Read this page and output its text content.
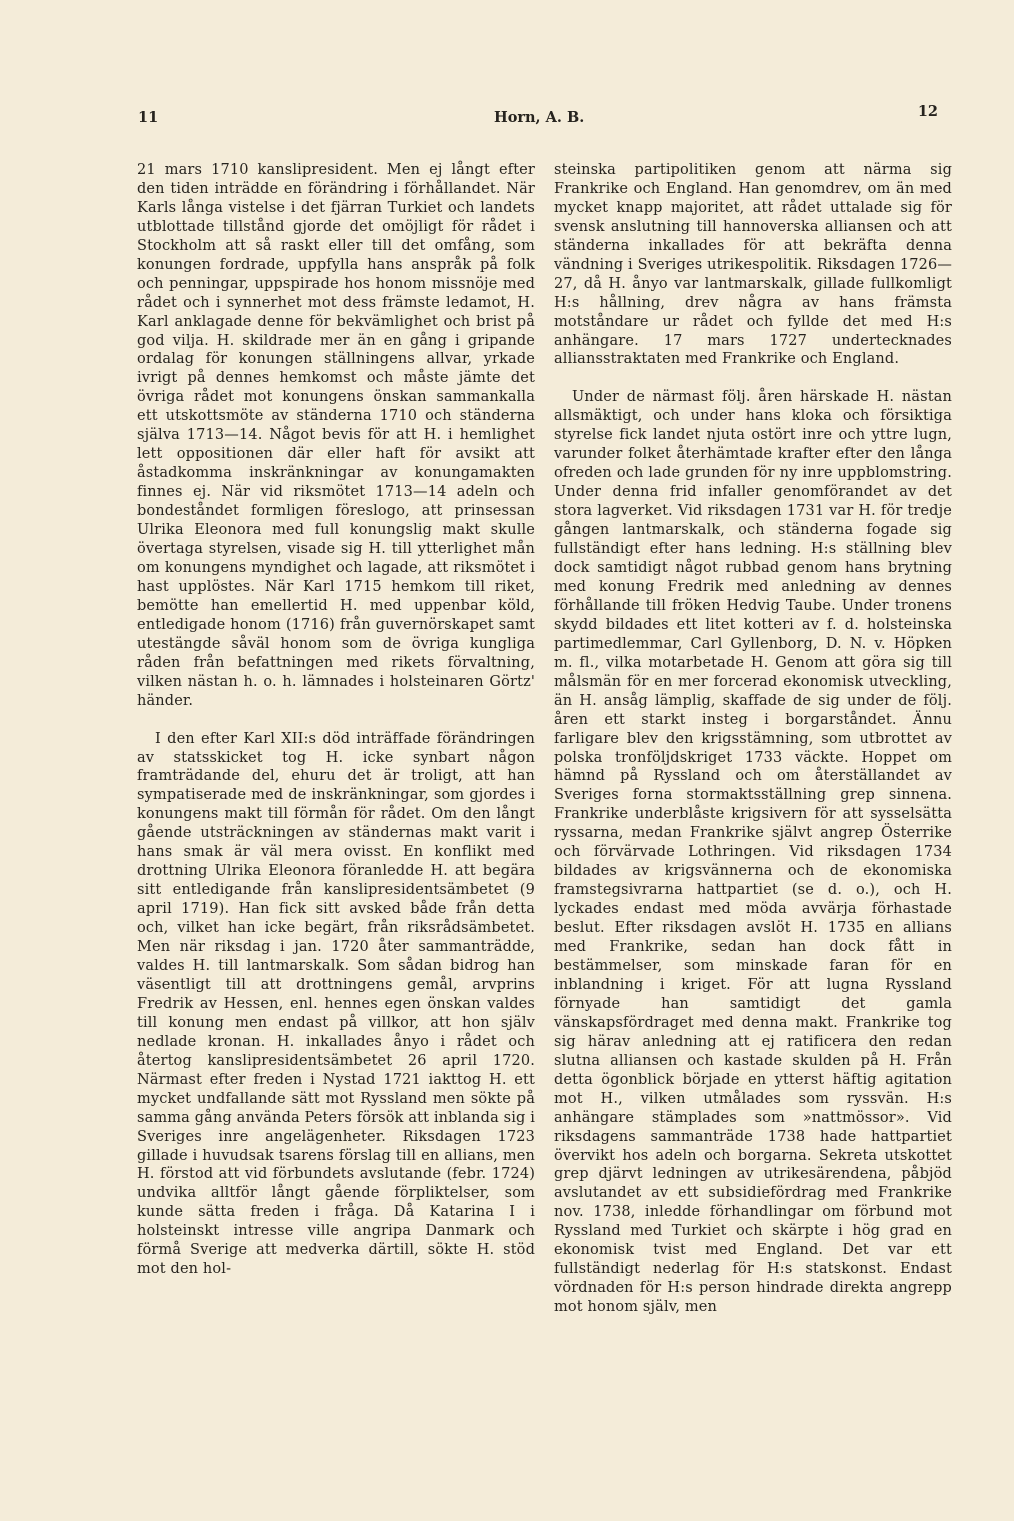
11	Horn, A. B.	12

21 mars 1710 kanslipresident. Men ej långt efter den tiden inträdde en förändring i förhållandet. När Karls långa vistelse i det fjärran Turkiet och landets utblottade tillstånd gjorde det omöjligt för rådet i Stockholm att så raskt eller till det omfång, som konungen fordrade, uppfylla hans anspråk på folk och penningar, uppspirade hos honom missnöje med rådet och i synnerhet mot dess främste ledamot, H. Karl anklagade denne för bekvämlighet och brist på god vilja. H. skildrade mer än en gång i gripande ordalag för konungen ställningens allvar, yrkade ivrigt på dennes hemkomst och måste jämte det övriga rådet mot konungens önskan sammankalla ett utskottsmöte av ständerna 1710 och ständerna själva 1713—14. Något bevis för att H. i hemlighet lett oppositionen där eller haft för avsikt att åstadkomma inskränkningar av konungamakten finnes ej. När vid riksmötet 1713—14 adeln och bondeståndet formligen föreslogo, att prinsessan Ulrika Eleonora med full konungslig makt skulle övertaga styrelsen, visade sig H. till ytterlighet mån om konungens myndighet och lagade, att riksmötet i hast upplöstes. När Karl 1715 hemkom till riket, bemötte han emellertid H. med uppenbar köld, entledigade honom (1716) från guvernörskapet samt utestängde såväl honom som de övriga kungliga råden från befattningen med rikets förvaltning, vilken nästan h. o. h. lämnades i holsteinaren Görtz' händer.

I den efter Karl XII:s död inträffade förändringen av statsskicket tog H. icke synbart någon framträdande del, ehuru det är troligt, att han sympatiserade med de inskränkningar, som gjordes i konungens makt till förmån för rådet. Om den långt gående utsträckningen av ständernas makt varit i hans smak är väl mera ovisst. En konflikt med drottning Ulrika Eleonora föranledde H. att begära sitt entledigande från kanslipresidentsämbetet (9 april 1719). Han fick sitt avsked både från detta och, vilket han icke begärt, från riksrådsämbetet. Men när riksdag i jan. 1720 åter sammanträdde, valdes H. till lantmarskalk. Som sådan bidrog han väsentligt till att drottningens gemål, arvprins Fredrik av Hessen, enl. hennes egen önskan valdes till konung men endast på villkor, att hon själv nedlade kronan. H. inkallades ånyo i rådet och återtog kanslipresidentsämbetet 26 april 1720. Närmast efter freden i Nystad 1721 iakttog H. ett mycket undfallande sätt mot Ryssland men sökte på samma gång använda Peters försök att inblanda sig i Sveriges inre angelägenheter. Riksdagen 1723 gillade i huvudsak tsarens förslag till en allians, men H. förstod att vid förbundets avslutande (febr. 1724) undvika alltför långt gående förpliktelser, som kunde sätta freden i fråga. Då Katarina I i holsteinskt intresse ville angripa Danmark och förmå Sverige att medverka därtill, sökte H. stöd mot den hol-

steinska partipolitiken genom att närma sig Frankrike och England. Han genomdrev, om än med mycket knapp majoritet, att rådet uttalade sig för svensk anslutning till hannoverska alliansen och att ständerna inkallades för att bekräfta denna vändning i Sveriges utrikespolitik. Riksdagen 1726—27, då H. ånyo var lantmarskalk, gillade fullkomligt H:s hållning, drev några av hans främsta motståndare ur rådet och fyllde det med H:s anhängare. 17 mars 1727 undertecknades alliansstraktaten med Frankrike och England.

Under de närmast följ. åren härskade H. nästan allsmäktigt, och under hans kloka och försiktiga styrelse fick landet njuta ostört inre och yttre lugn, varunder folket återhämtade krafter efter den långa ofreden och lade grunden för ny inre uppblomstring. Under denna frid infaller genomförandet av det stora lagverket. Vid riksdagen 1731 var H. för tredje gången lantmarskalk, och ständerna fogade sig fullständigt efter hans ledning. H:s ställning blev dock samtidigt något rubbad genom hans brytning med konung Fredrik med anledning av dennes förhållande till fröken Hedvig Taube. Under tronens skydd bildades ett litet kotteri av f. d. holsteinska partimedlemmar, Carl Gyllenborg, D. N. v. Höpken m. fl., vilka motarbetade H. Genom att göra sig till målsmän för en mer forcerad ekonomisk utveckling, än H. ansåg lämplig, skaffade de sig under de följ. åren ett starkt insteg i borgarståndet. Ännu farligare blev den krigsstämning, som utbrottet av polska tronföljdskriget 1733 väckte. Hoppet om hämnd på Ryssland och om återställandet av Sveriges forna stormaktsställning grep sinnena. Frankrike underblåste krigsivern för att sysselsätta ryssarna, medan Frankrike självt angrep Österrike och förvärvade Lothringen. Vid riksdagen 1734 bildades av krigsvännerna och de ekonomiska framstegsivrarna hattpartiet (se d. o.), och H. lyckades endast med möda avvärja förhastade beslut. Efter riksdagen avslöt H. 1735 en allians med Frankrike, sedan han dock fått in bestämmelser, som minskade faran för en inblandning i kriget. För att lugna Ryssland förnyade han samtidigt det gamla vänskapsfördraget med denna makt. Frankrike tog sig härav anledning att ej ratificera den redan slutna alliansen och kastade skulden på H. Från detta ögonblick började en ytterst häftig agitation mot H., vilken utmålades som ryssvän. H:s anhängare stämplades som »nattmössor». Vid riksdagens sammanträde 1738 hade hattpartiet övervikt hos adeln och borgarna. Sekreta utskottet grep djärvt ledningen av utrikesärendena, påbjöd avslutandet av ett subsidiefördrag med Frankrike nov. 1738, inledde förhandlingar om förbund mot Ryssland med Turkiet och skärpte i hög grad en ekonomisk tvist med England. Det var ett fullständigt nederlag för H:s statskonst. Endast vördnaden för H:s person hindrade direkta angrepp mot honom själv, men
